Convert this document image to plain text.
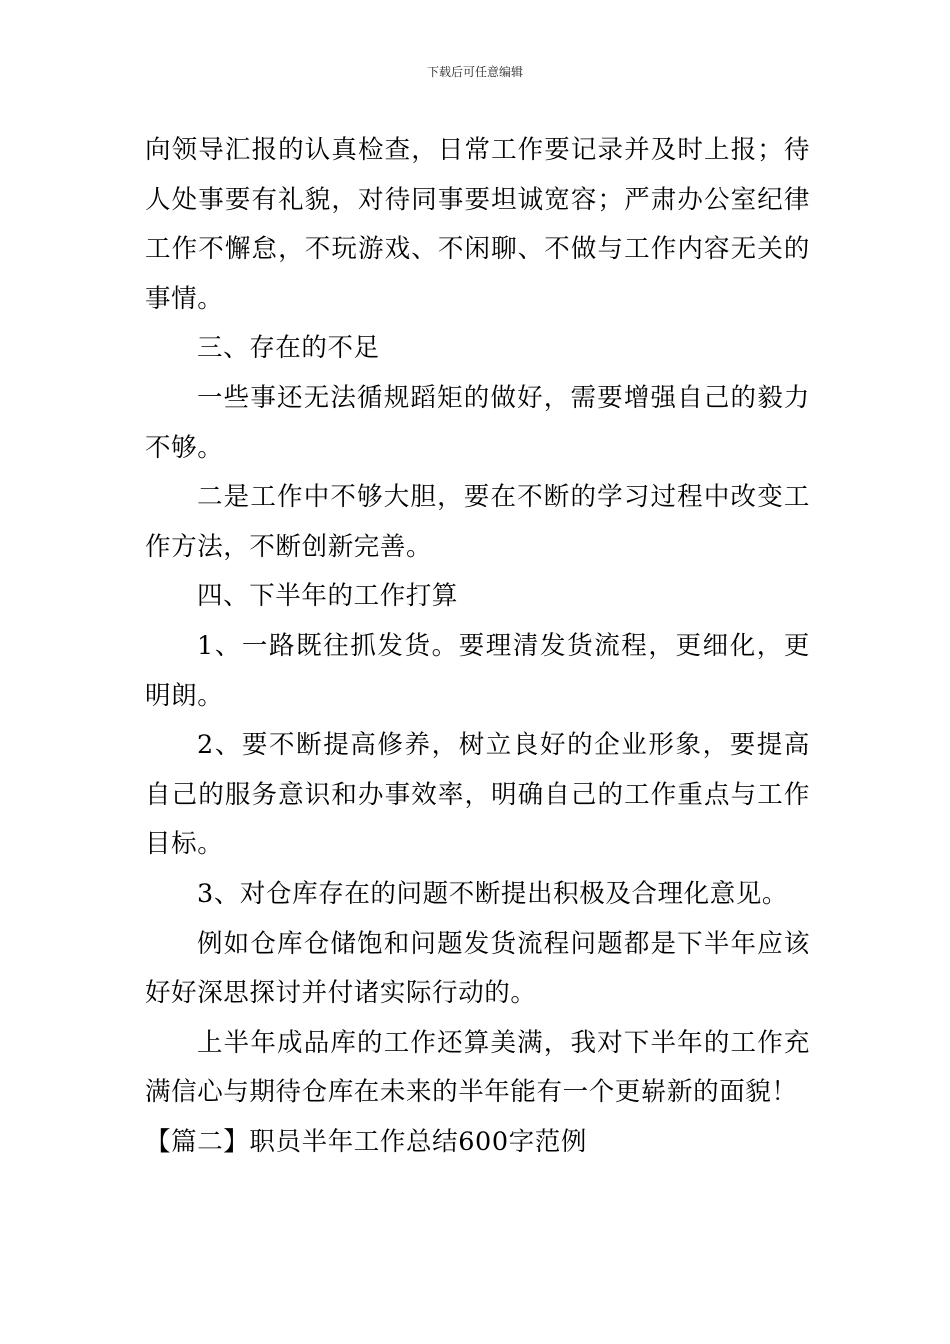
下载后可任意编辑

向领导汇报的认真检查，日常工作要记录并及时上报；待人处事要有礼貌，对待同事要坦诚宽容；严肃办公室纪律工作不懈怠，不玩游戏、不闲聊、不做与工作内容无关的事情。

三、存在的不足

一些事还无法循规蹈矩的做好，需要增强自己的毅力不够。

二是工作中不够大胆，要在不断的学习过程中改变工作方法，不断创新完善。

四、下半年的工作打算

1、一路既往抓发货。要理清发货流程，更细化，更明朗。

2、要不断提高修养，树立良好的企业形象，要提高自己的服务意识和办事效率，明确自己的工作重点与工作目标。

3、对仓库存在的问题不断提出积极及合理化意见。

例如仓库仓储饱和问题发货流程问题都是下半年应该好好深思探讨并付诸实际行动的。

上半年成品库的工作还算美满，我对下半年的工作充满信心与期待仓库在未来的半年能有一个更崭新的面貌！

【篇二】职员半年工作总结600字范例
